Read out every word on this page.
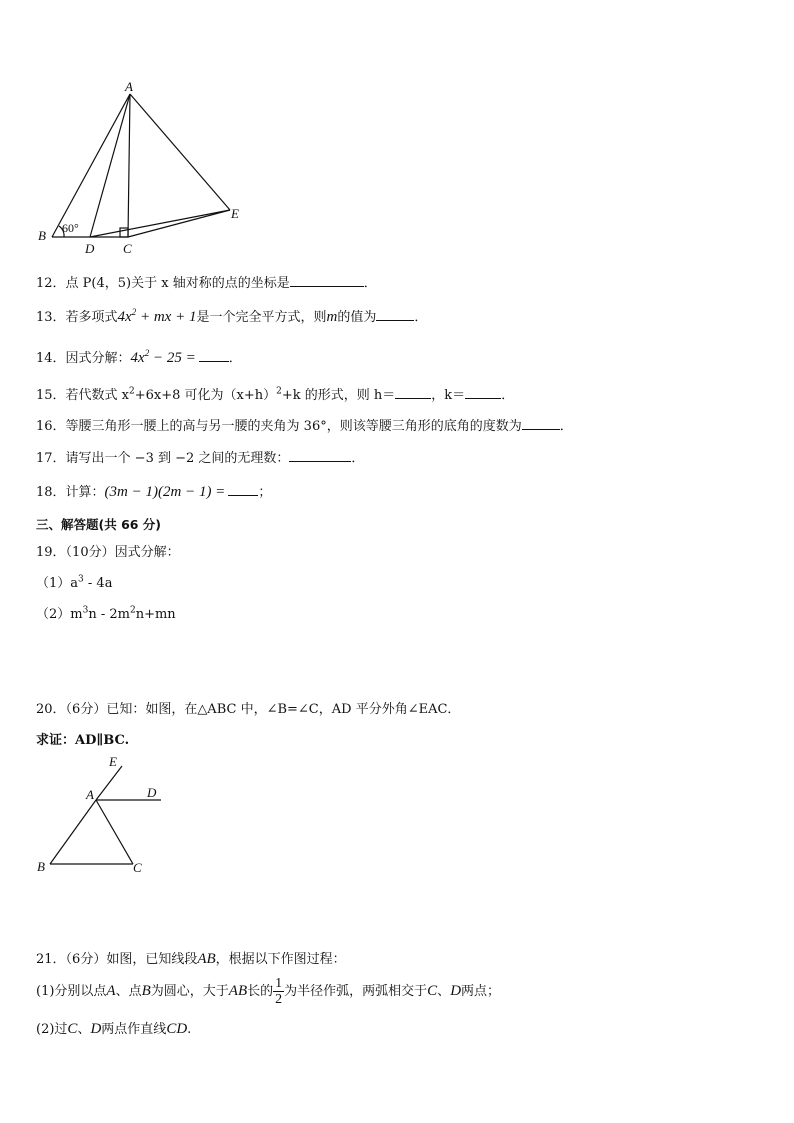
A
B
D C
E
60°
12．点 P(4，5)关于 x 轴对称的点的坐标是	．
13．若多项式$4x^2$ + mx + 1是一个完全平方式，则m的值为	．
14．因式分解：$4x^2 - 25$ =	．
15．若代数式 $x^2+6x+8$ 可化为$(x+h)^2+k$ 的形式，则 h＝	，k＝	．
16．等腰三角形一腰上的高与另一腰的夹角为 36°，则该等腰三角形的底角的度数为	．
17．请写出一个 −3 到 −2 之间的无理数：	．
18．计算：(3m − 1)(2m − 1) =	；
三、解答题(共 66 分)
19．（10分）因式分解：
$(1)a^3 - 4a$
$(2)m^3n - 2m^2n+mn$
20．（6分）已知：如图，在△ABC 中，∠B=∠C，AD 平分外角∠EAC．
求证：AD∥BC.
E
A	D
B	C
21．（6分）如图，已知线段AB，根据以下作图过程：
(1)分别以点A、点B为圆心，大于AB长的 $\frac{1}{2}$ 为半径作弧，两弧相交于C、D两点；
(2)过C、D两点作直线CD.
